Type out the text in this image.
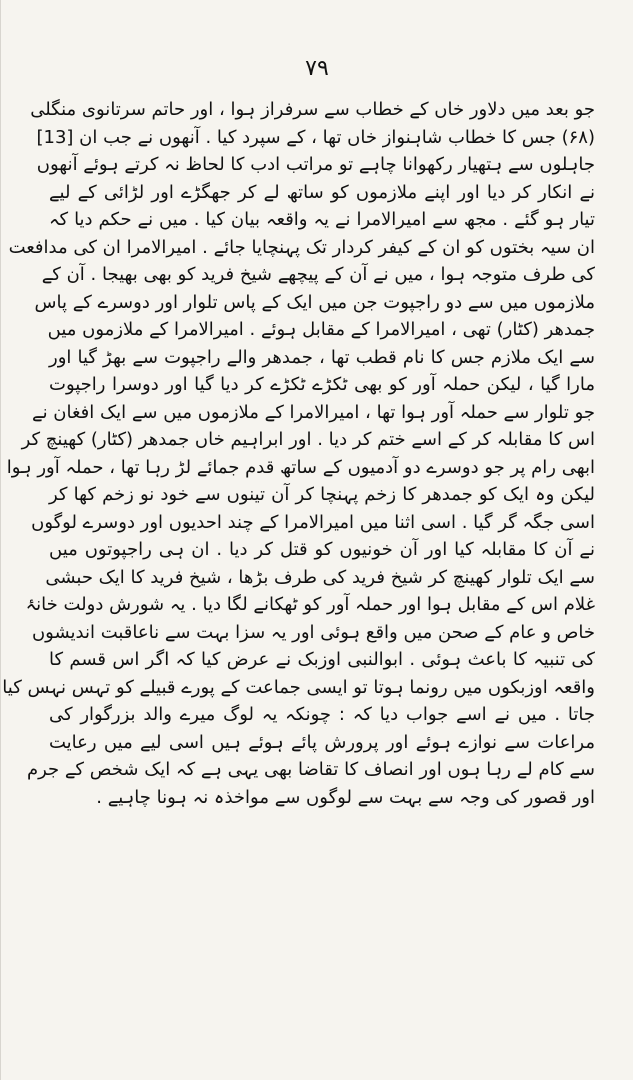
۷۹
جو بعد میں دلاور خاں کے خطاب سے سرفراز ہوا ، اور حاتم سرتانوی منگلی
(۶۸) جس کا خطاب شاہنواز خاں تھا ، کے سپرد کیا . آنھوں نے جب ان [13]
جاہلوں سے ہتھیار رکھوانا چاہے تو مراتب ادب کا لحاظ نہ کرتے ہوئے آنھوں
نے انکار کر دیا اور اپنے ملازموں کو ساتھ لے کر جھگڑے اور لڑائی کے لیے
تیار ہو گئے . مجھ سے امیرالامرا نے یہ واقعہ بیان کیا . میں نے حکم دیا کہ
ان سیہ بختوں کو ان کے کیفر کردار تک پہنچایا جائے . امیرالامرا ان کی مدافعت
کی طرف متوجہ ہوا ، میں نے آن کے پیچھے شیخ فرید کو بھی بھیجا . آن کے
ملازموں میں سے دو راجپوت جن میں ایک کے پاس تلوار اور دوسرے کے پاس
جمدھر (کٹار) تھی ، امیرالامرا کے مقابل ہوئے . امیرالامرا کے ملازموں میں
سے ایک ملازم جس کا نام قطب تھا ، جمدھر والے راجپوت سے بھڑ گیا اور
مارا گیا ، لیکن حملہ آور کو بھی ٹکڑے ٹکڑے کر دیا گیا اور دوسرا راجپوت
جو تلوار سے حملہ آور ہوا تھا ، امیرالامرا کے ملازموں میں سے ایک افغان نے
اس کا مقابلہ کر کے اسے ختم کر دیا . اور ابراہیم خاں جمدھر (کٹار) کھینچ کر
ابھی رام پر جو دوسرے دو آدمیوں کے ساتھ قدم جمائے لڑ رہا تھا ، حملہ آور ہوا
لیکن وہ ایک کو جمدھر کا زخم پہنچا کر آن تینوں سے خود نو زخم کھا کر
اسی جگہ گر گیا . اسی اثنا میں امیرالامرا کے چند احدیوں اور دوسرے لوگوں
نے آن کا مقابلہ کیا اور آن خونیوں کو قتل کر دیا . ان ہی راجپوتوں میں
سے ایک تلوار کھینچ کر شیخ فرید کی طرف بڑھا ، شیخ فرید کا ایک حبشی
غلام اس کے مقابل ہوا اور حملہ آور کو ٹھکانے لگا دیا . یہ شورش دولت خانۂ
خاص و عام کے صحن میں واقع ہوئی اور یہ سزا بہت سے ناعاقبت اندیشوں
کی تنبیہ کا باعث ہوئی . ابوالنبی اوزبک نے عرض کیا کہ اگر اس قسم کا
واقعہ اوزبکوں میں رونما ہوتا تو ایسی جماعت کے پورے قبیلے کو تہس نہس کیا
جاتا . میں نے اسے جواب دیا کہ : چونکہ یہ لوگ میرے والد بزرگوار کی
مراعات سے نوازے ہوئے اور پرورش پائے ہوئے ہیں اسی لیے میں رعایت
سے کام لے رہا ہوں اور انصاف کا تقاضا بھی یہی ہے کہ ایک شخص کے جرم
اور قصور کی وجہ سے بہت سے لوگوں سے مواخذہ نہ ہونا چاہیے .
